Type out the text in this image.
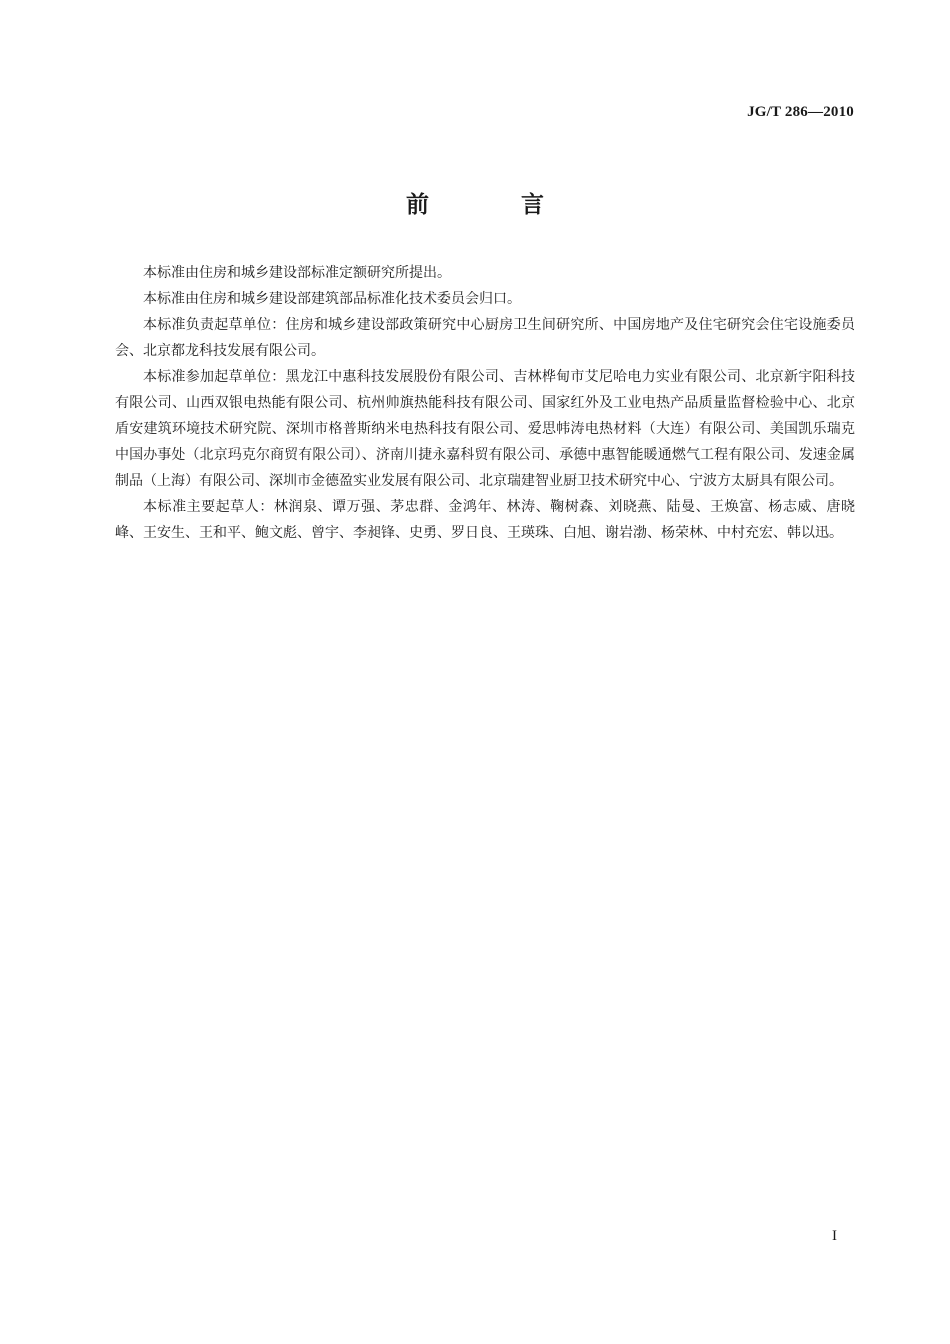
JG/T 286—2010
前 言

本标准由住房和城乡建设部标准定额研究所提出。

本标准由住房和城乡建设部建筑部品标准化技术委员会归口。

本标准负责起草单位：住房和城乡建设部政策研究中心厨房卫生间研究所、中国房地产及住宅研究会住宅设施委员会、北京都龙科技发展有限公司。

本标准参加起草单位：黑龙江中惠科技发展股份有限公司、吉林桦甸市艾尼哈电力实业有限公司、北京新宇阳科技有限公司、山西双银电热能有限公司、杭州帅旗热能科技有限公司、国家红外及工业电热产品质量监督检验中心、北京盾安建筑环境技术研究院、深圳市格普斯纳米电热科技有限公司、爱思帏涛电热材料（大连）有限公司、美国凯乐瑞克中国办事处（北京玛克尔商贸有限公司）、济南川捷永嘉科贸有限公司、承德中惠智能暖通燃气工程有限公司、发速金属制品（上海）有限公司、深圳市金德盈实业发展有限公司、北京瑞建智业厨卫技术研究中心、宁波方太厨具有限公司。

本标准主要起草人：林润泉、谭万强、茅忠群、金鸿年、林涛、鞠树森、刘晓燕、陆曼、王焕富、杨志威、唐晓峰、王安生、王和平、鲍文彪、曾宇、李昶锋、史勇、罗日良、王瑛珠、白旭、谢岩渤、杨荣林、中村充宏、韩以迅。

I
